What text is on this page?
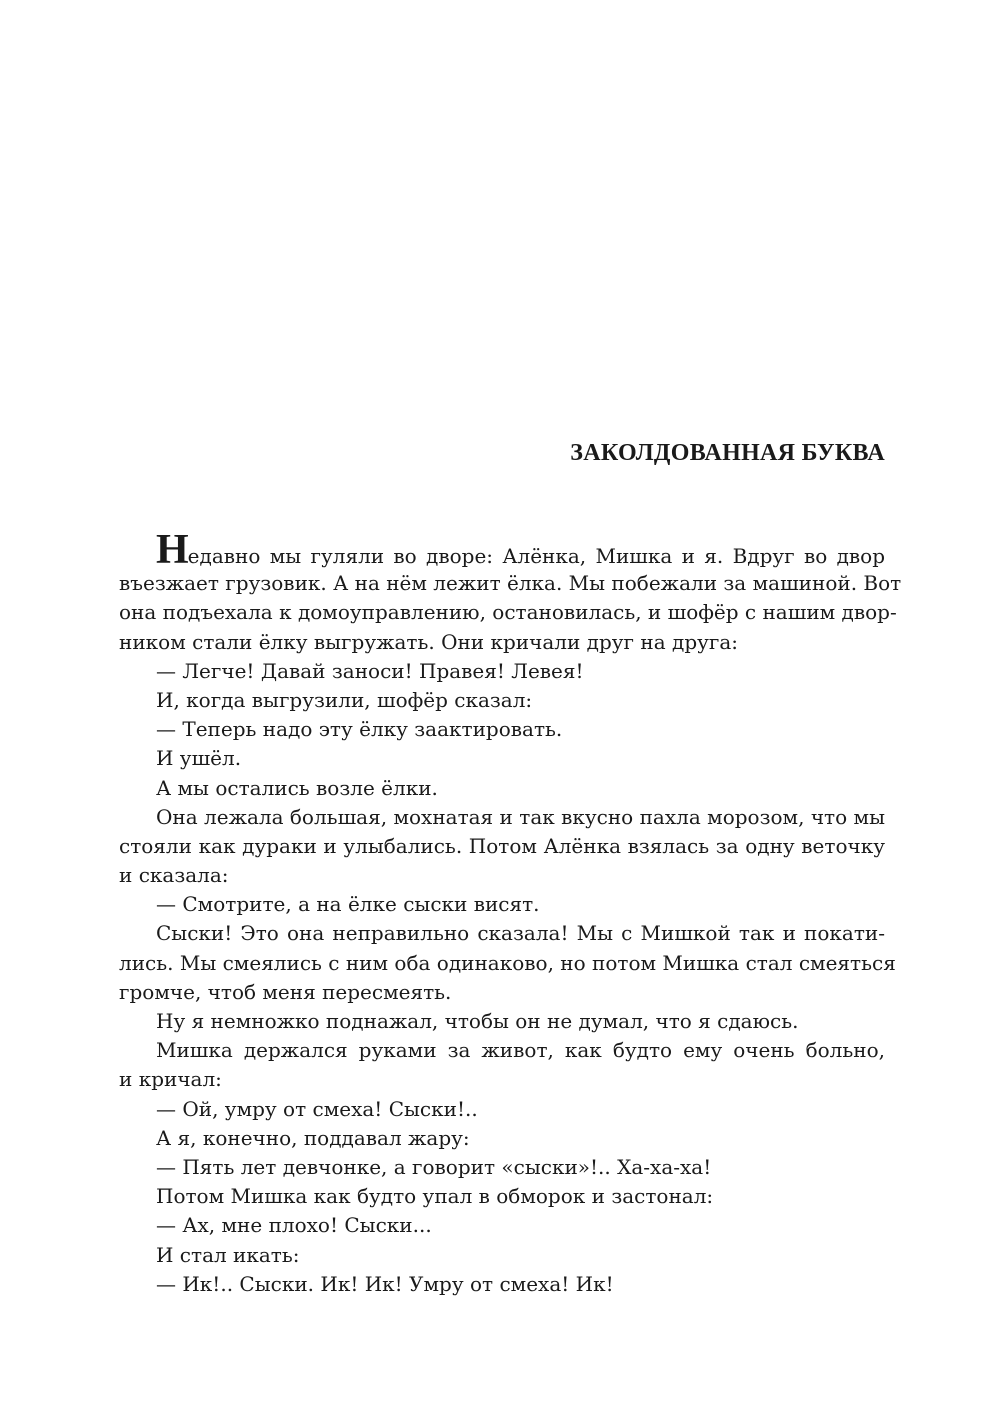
ЗАКОЛДОВАННАЯ БУКВА
Недавно мы гуляли во дворе: Алёнка, Мишка и я. Вдруг во двор
въезжает грузовик. А на нём лежит ёлка. Мы побежали за машиной. Вот
она подъехала к домоуправлению, остановилась, и шофёр с нашим двор-
ником стали ёлку выгружать. Они кричали друг на друга:
— Легче! Давай заноси! Правея! Левея!
И, когда выгрузили, шофёр сказал:
— Теперь надо эту ёлку заактировать.
И ушёл.
А мы остались возле ёлки.
Она лежала большая, мохнатая и так вкусно пахла морозом, что мы
стояли как дураки и улыбались. Потом Алёнка взялась за одну веточку
и сказала:
— Смотрите, а на ёлке сыски висят.
Сыски! Это она неправильно сказала! Мы с Мишкой так и покати-
лись. Мы смеялись с ним оба одинаково, но потом Мишка стал смеяться
громче, чтоб меня пересмеять.
Ну я немножко поднажал, чтобы он не думал, что я сдаюсь.
Мишка держался руками за живот, как будто ему очень больно,
и кричал:
— Ой, умру от смеха! Сыски!..
А я, конечно, поддавал жару:
— Пять лет девчонке, а говорит «сыски»!.. Ха-ха-ха!
Потом Мишка как будто упал в обморок и застонал:
— Ах, мне плохо! Сыски...
И стал икать:
— Ик!.. Сыски. Ик! Ик! Умру от смеха! Ик!
